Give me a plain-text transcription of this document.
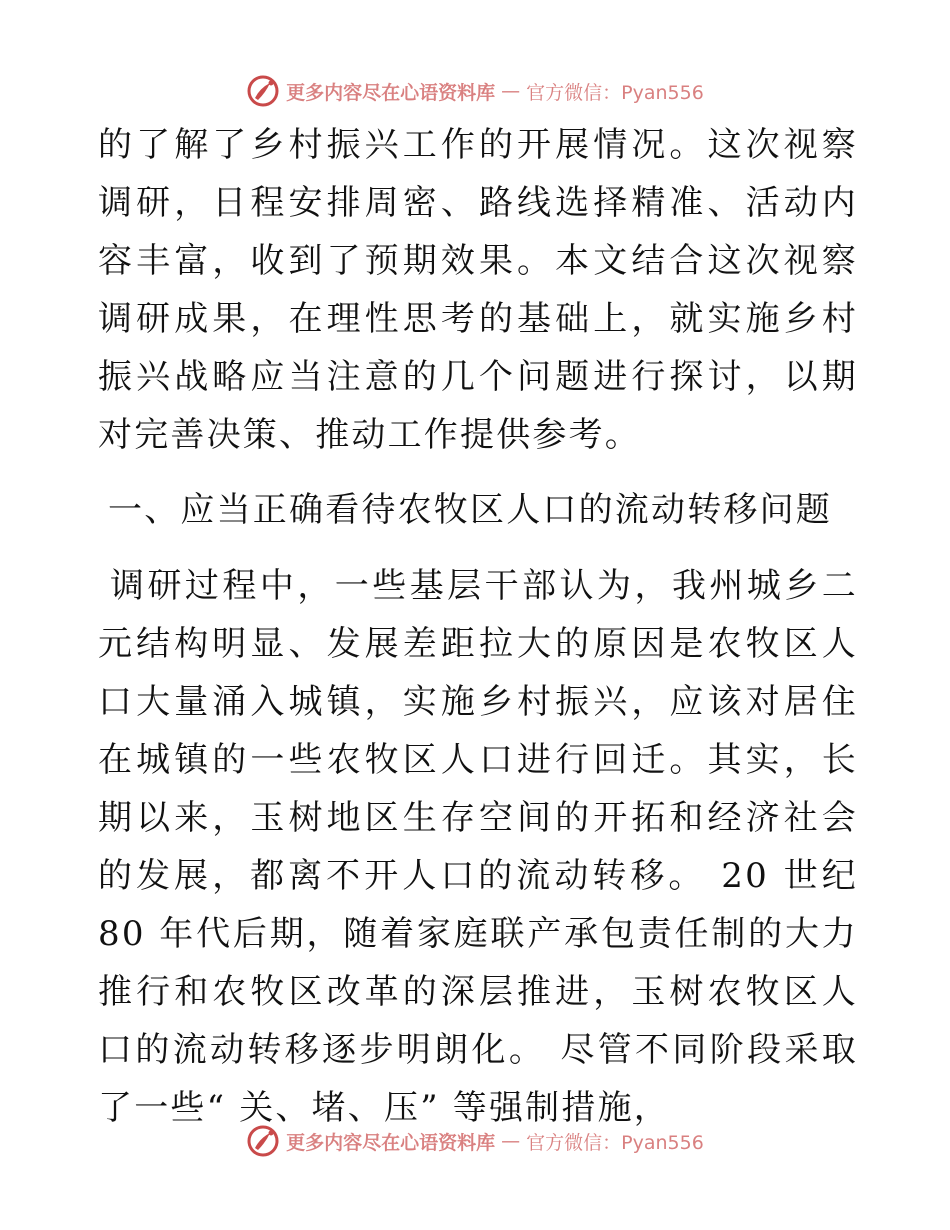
更多内容尽在心语资料库 — 官方微信：Pyan556

的了解了乡村振兴工作的开展情况。这次视察调研，日程安排周密、路线选择精准、活动内容丰富，收到了预期效果。本文结合这次视察调研成果，在理性思考的基础上，就实施乡村振兴战略应当注意的几个问题进行探讨，以期对完善决策、推动工作提供参考。

一、应当正确看待农牧区人口的流动转移问题

调研过程中，一些基层干部认为，我州城乡二元结构明显、发展差距拉大的原因是农牧区人口大量涌入城镇，实施乡村振兴，应该对居住在城镇的一些农牧区人口进行回迁。其实，长期以来，玉树地区生存空间的开拓和经济社会的发展，都离不开人口的流动转移。 20 世纪 80 年代后期，随着家庭联产承包责任制的大力推行和农牧区改革的深层推进，玉树农牧区人口的流动转移逐步明朗化。 尽管不同阶段采取了一些“ 关、堵、压” 等强制措施，

更多内容尽在心语资料库 — 官方微信：Pyan556
